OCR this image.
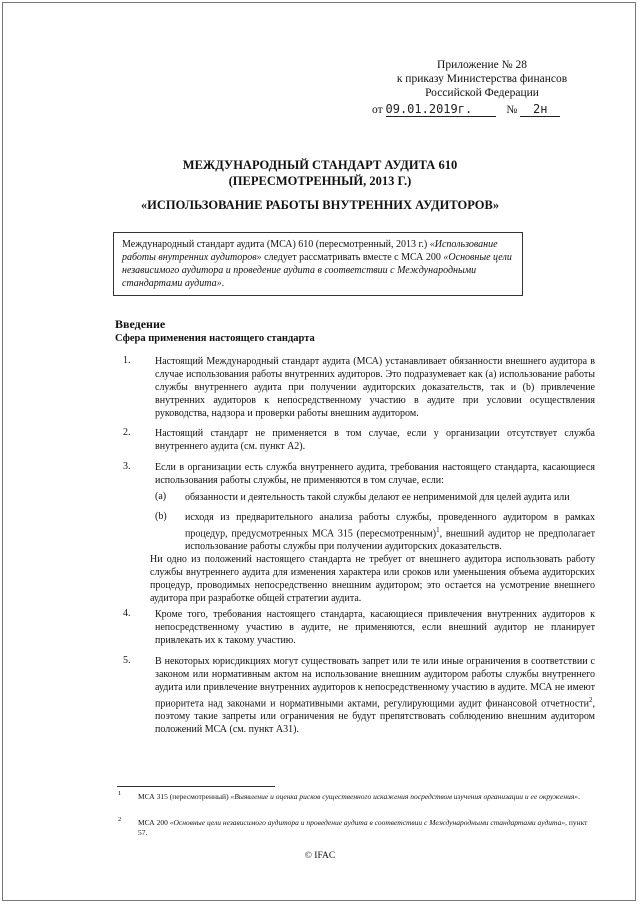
Приложение № 28
к приказу Министерства финансов
Российской Федерации
от 09.01.2019г.	№ 2н
МЕЖДУНАРОДНЫЙ СТАНДАРТ АУДИТА 610
(ПЕРЕСМОТРЕННЫЙ, 2013 Г.)
«ИСПОЛЬЗОВАНИЕ РАБОТЫ ВНУТРЕННИХ АУДИТОРОВ»
Международный стандарт аудита (МСА) 610 (пересмотренный, 2013 г.) «Использование работы внутренних аудиторов» следует рассматривать вместе с МСА 200 «Основные цели независимого аудитора и проведение аудита в соответствии с Международными стандартами аудита».
Введение
Сфера применения настоящего стандарта
1. Настоящий Международный стандарт аудита (МСА) устанавливает обязанности внешнего аудитора в случае использования работы внутренних аудиторов. Это подразумевает как (а) использование работы службы внутреннего аудита при получении аудиторских доказательств, так и (b) привлечение внутренних аудиторов к непосредственному участию в аудите при условии осуществления руководства, надзора и проверки работы внешним аудитором.
2. Настоящий стандарт не применяется в том случае, если у организации отсутствует служба внутреннего аудита (см. пункт А2).
3. Если в организации есть служба внутреннего аудита, требования настоящего стандарта, касающиеся использования работы службы, не применяются в том случае, если:
(a) обязанности и деятельность такой службы делают ее неприменимой для целей аудита или
(b) исходя из предварительного анализа работы службы, проведенного аудитором в рамках процедур, предусмотренных МСА 315 (пересмотренным)$^1$, внешний аудитор не предполагает использование работы службы при получении аудиторских доказательств.
Ни одно из положений настоящего стандарта не требует от внешнего аудитора использовать работу службы внутреннего аудита для изменения характера или сроков или уменьшения объема аудиторских процедур, проводимых непосредственно внешним аудитором; это остается на усмотрение внешнего аудитора при разработке общей стратегии аудита.
4. Кроме того, требования настоящего стандарта, касающиеся привлечения внутренних аудиторов к непосредственному участию в аудите, не применяются, если внешний аудитор не планирует привлекать их к такому участию.
5. В некоторых юрисдикциях могут существовать запрет или те или иные ограничения в соответствии с законом или нормативным актом на использование внешним аудитором работы службы внутреннего аудита или привлечение внутренних аудиторов к непосредственному участию в аудите. МСА не имеют приоритета над законами и нормативными актами, регулирующими аудит финансовой отчетности$^2$, поэтому такие запреты или ограничения не будут препятствовать соблюдению внешним аудитором положений МСА (см. пункт А31).
1 МСА 315 (пересмотренный) «Выявление и оценка рисков существенного искажения посредством изучения организации и ее окружения».
2 МСА 200 «Основные цели независимого аудитора и проведение аудита в соответствии с Международными стандартами аудита», пункт 57.
© IFAC
